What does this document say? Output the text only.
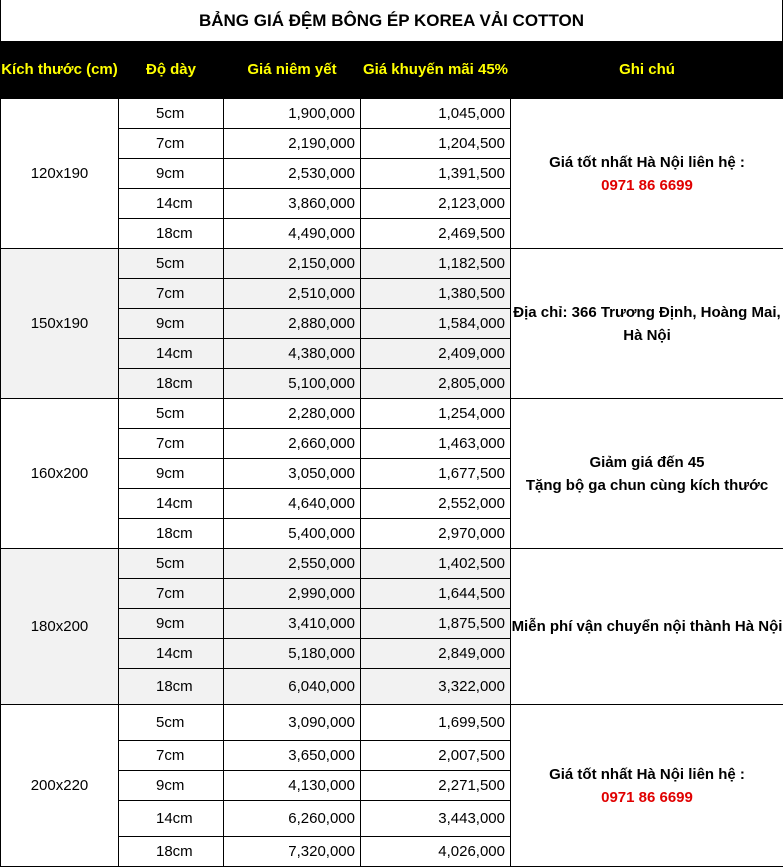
BẢNG GIÁ ĐỆM BÔNG ÉP KOREA VẢI COTTON
Kích thước (cm)	Độ dày	Giá niêm yết	Giá khuyến mãi 45%	Ghi chú
120x190	5cm	1,900,000	1,045,000	Giá tốt nhất Hà Nội liên hệ :
0971 86 6699
	7cm	2,190,000	1,204,500	
	9cm	2,530,000	1,391,500	
	14cm	3,860,000	2,123,000	
	18cm	4,490,000	2,469,500	
150x190	5cm	2,150,000	1,182,500	Địa chỉ: 366 Trương Định, Hoàng Mai,
Hà Nội
	7cm	2,510,000	1,380,500	
	9cm	2,880,000	1,584,000	
	14cm	4,380,000	2,409,000	
	18cm	5,100,000	2,805,000	
160x200	5cm	2,280,000	1,254,000	Giảm giá đến 45
Tặng bộ ga chun cùng kích thước
	7cm	2,660,000	1,463,000	
	9cm	3,050,000	1,677,500	
	14cm	4,640,000	2,552,000	
	18cm	5,400,000	2,970,000	
180x200	5cm	2,550,000	1,402,500	Miễn phí vận chuyển nội thành Hà Nội
	7cm	2,990,000	1,644,500	
	9cm	3,410,000	1,875,500	
	14cm	5,180,000	2,849,000	
	18cm	6,040,000	3,322,000	
200x220	5cm	3,090,000	1,699,500	Giá tốt nhất Hà Nội liên hệ :
0971 86 6699
	7cm	3,650,000	2,007,500	
	9cm	4,130,000	2,271,500	
	14cm	6,260,000	3,443,000	
	18cm	7,320,000	4,026,000	
